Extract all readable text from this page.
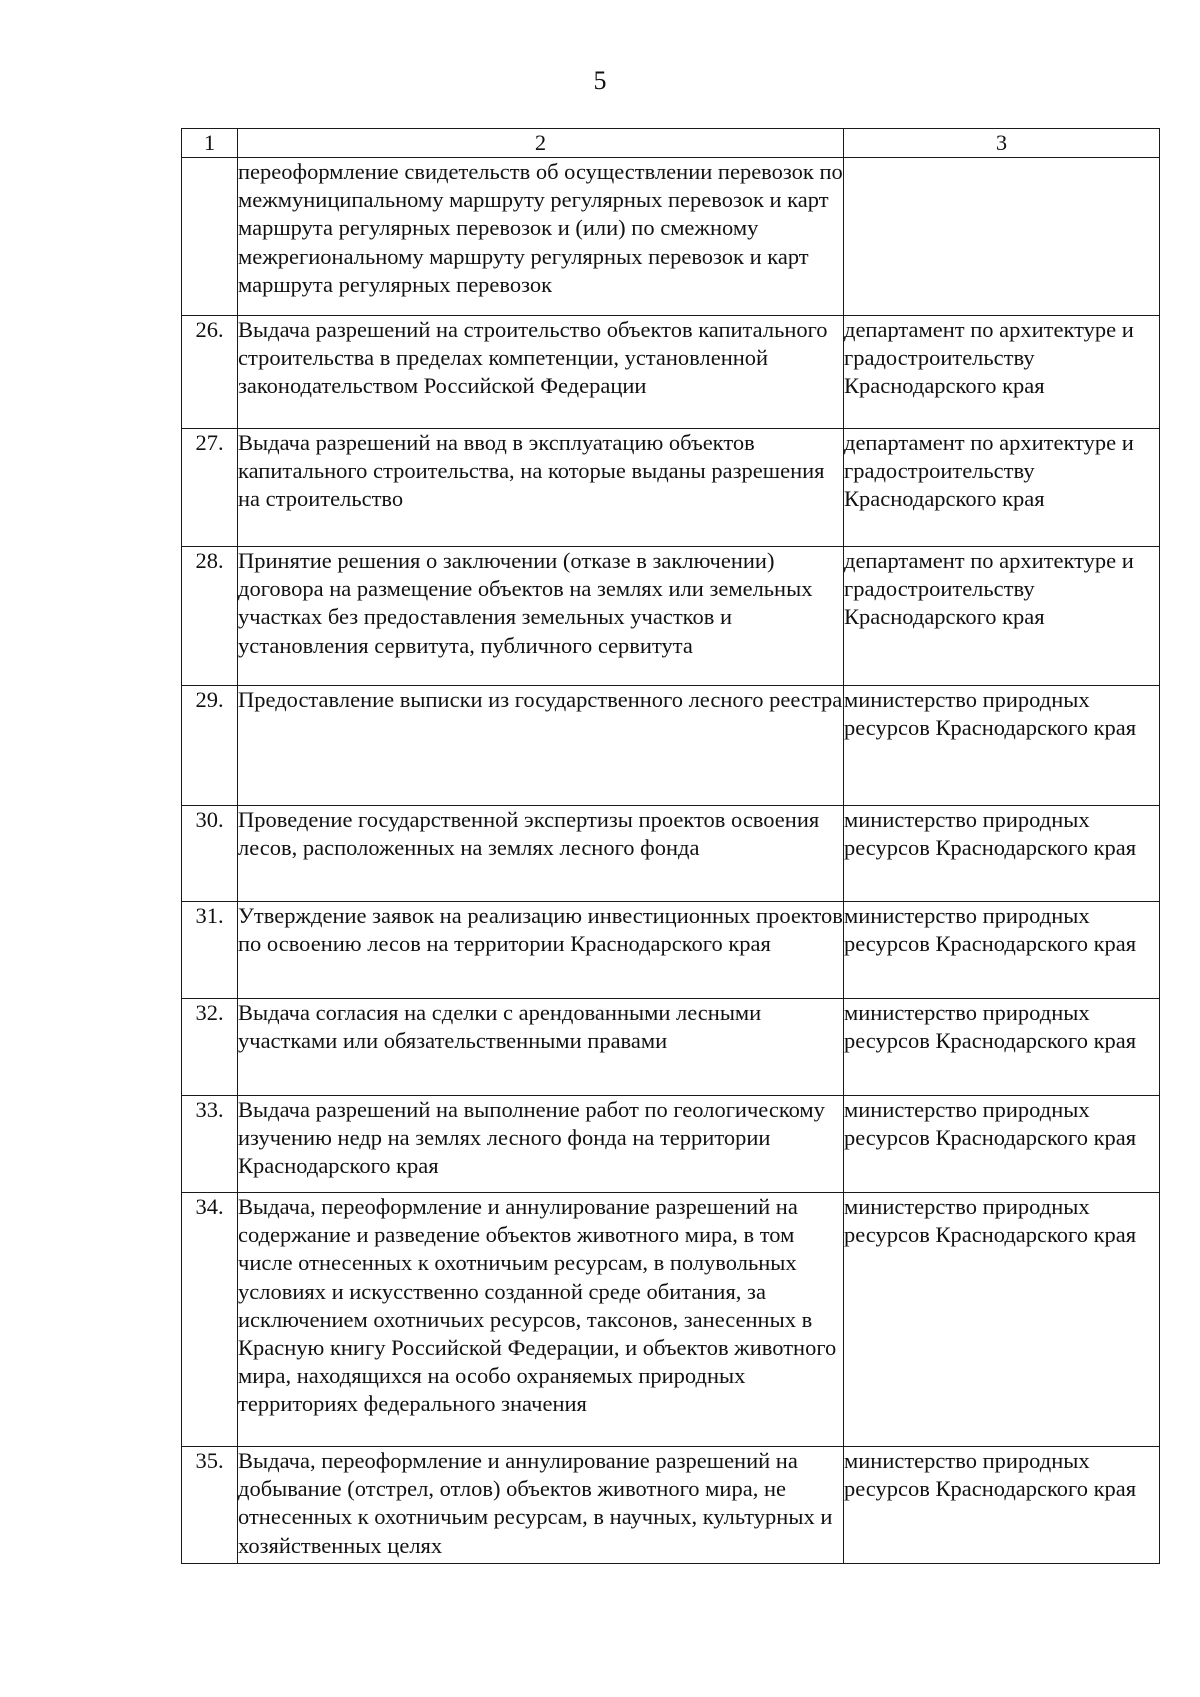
5
1	2	3
	переоформление свидетельств об осуществлении перевозок по межмуниципальному маршруту регулярных перевозок и карт маршрута регулярных перевозок и (или) по смежному межрегиональному маршруту регулярных перевозок и карт маршрута регулярных перевозок	
26.	Выдача разрешений на строительство объектов капитального строительства в пределах компетенции, установленной законодательством Российской Федерации	департамент по архитектуре и градостроительству Краснодарского края
27.	Выдача разрешений на ввод в эксплуатацию объектов капитального строительства, на которые выданы разрешения на строительство	департамент по архитектуре и градостроительству Краснодарского края
28.	Принятие решения о заключении (отказе в заключении) договора на размещение объектов на землях или земельных участках без предоставления земельных участков и установления сервитута, публичного сервитута	департамент по архитектуре и градостроительству Краснодарского края
29.	Предоставление выписки из государственного лесного реестра	министерство природных ресурсов Краснодарского края
30.	Проведение государственной экспертизы проектов освоения лесов, расположенных на землях лесного фонда	министерство природных ресурсов Краснодарского края
31.	Утверждение заявок на реализацию инвестиционных проектов по освоению лесов на территории Краснодарского края	министерство природных ресурсов Краснодарского края
32.	Выдача согласия на сделки с арендованными лесными участками или обязательственными правами	министерство природных ресурсов Краснодарского края
33.	Выдача разрешений на выполнение работ по геологическому изучению недр на землях лесного фонда на территории Краснодарского края	министерство природных ресурсов Краснодарского края
34.	Выдача, переоформление и аннулирование разрешений на содержание и разведение объектов животного мира, в том числе отнесенных к охотничьим ресурсам, в полувольных условиях и искусственно созданной среде обитания, за исключением охотничьих ресурсов, таксонов, занесенных в Красную книгу Российской Федерации, и объектов животного мира, находящихся на особо охраняемых природных территориях федерального значения	министерство природных ресурсов Краснодарского края
35.	Выдача, переоформление и аннулирование разрешений на добывание (отстрел, отлов) объектов животного мира, не отнесенных к охотничьим ресурсам, в научных, культурных и хозяйственных целях	министерство природных ресурсов Краснодарского края
